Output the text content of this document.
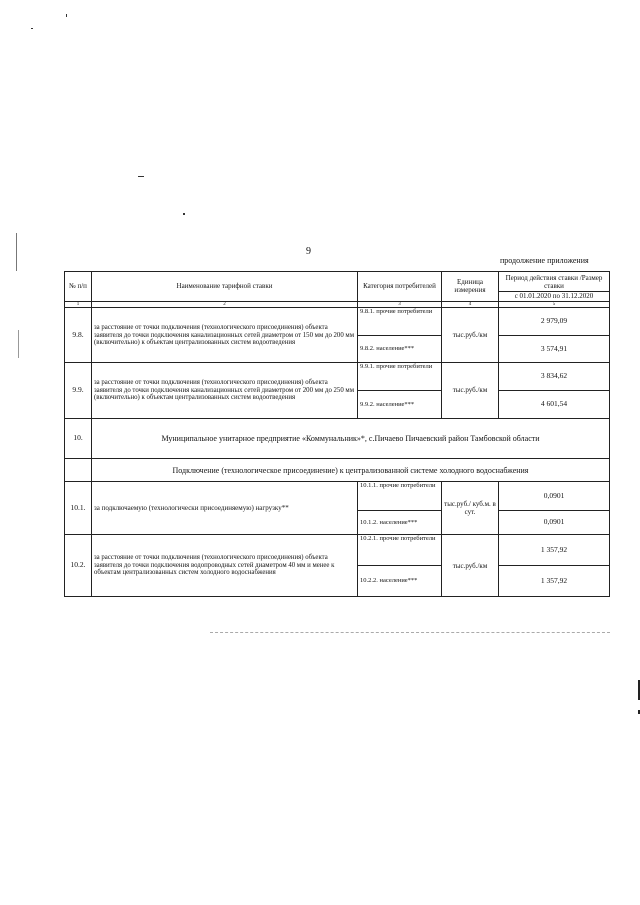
9
продолжение приложения
№ п/п	Наименование тарифной ставки	Категория потребителей	Единица измерения	Период действия ставки /Размер ставки
с 01.01.2020 по 31.12.2020

1	2	3	4	5
9.8.	за расстояние от точки подключения (технологического присоединения) объекта заявителя до точки подключения канализационных сетей диаметром от 150 мм до 200 мм (включительно) к объектам централизованных систем водоотведения	9.8.1. прочие потребители	тыс.руб./км	2 979,09
		9.8.2. население***		3 574,91
9.9.	за расстояние от точки подключения (технологического присоединения) объекта заявителя до точки подключения канализационных сетей диаметром от 200 мм до 250 мм (включительно) к объектам централизованных систем водоотведения	9.9.1. прочие потребители	тыс.руб./км	3 834,62
		9.9.2. население***		4 601,54
10.	Муниципальное унитарное предприятие «Коммунальник»*, с.Пичаево Пичаевский район Тамбовской области			
	Подключение (технологическое присоединение) к централизованной системе холодного водоснабжения			
10.1.	за подключаемую (технологически присоединяемую) нагрузку**	10.1.1. прочие потребители	тыс.руб./ куб.м. в сут.	0,0901
		10.1.2. население***		0,0901
10.2.	за расстояние от точки подключения (технологического присоединения) объекта заявителя до точки подключения водопроводных сетей диаметром 40 мм и менее к объектам централизованных систем холодного водоснабжения	10.2.1. прочие потребители	тыс.руб./км	1 357,92
		10.2.2. население***		1 357,92
